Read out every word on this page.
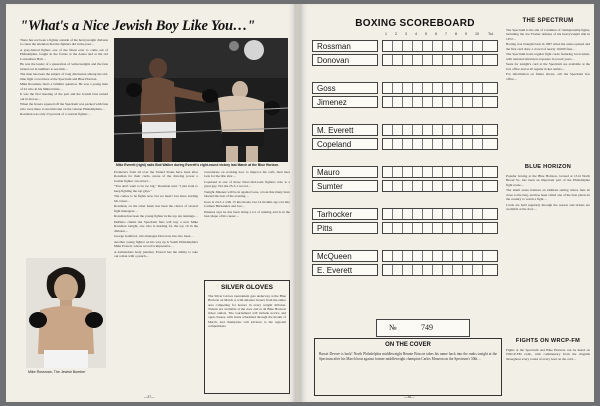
"What's a Nice Jewish Boy Like You…"

There has not been a fighter outside of the heavyweight division to cause the attention that the fighters did in the past…

A grey-haired fighter, one of the finest ever to come out of Philadelphia, fought in the forties at the Arena and at the old Convention Hall…

He was the leader of a generation of welterweights and the fans turned out in numbers to see him…

The man has been the subject of long discussion among the old-time fight crowd here at the Spectrum and Blue Horizon.

Mike Rossman, that's a familiar question. He was a young man of 22 who in his limited time…

It was the first meeting of the pair and the Jewish fans turned out in droves…

When the boxers squared off the Spectrum was packed with fans who were there to see him take on the veteran Philadelphian…

Rossman was only 23 percent of a veteran fighter…

Mike Everett (right) nails Bob Walker during Everett's eight-round victory last March at the Blue Horizon.

Promoters from all over the United States have been after Rossman for their cards, aware of the drawing power a Jewish fighter can attract…

"You don't want to be too big," Rossman said. "I just want to keep fighting the top guys."

The comes to be fights now, but we hasn't lost since starting his career…

Rossman, on the other hand, has been the choice of several fight managers…

Rossman has been the young fighter in the top ten rankings…

DePiano claims the Spectrum fans will buy a new Mike Rossman tonight, one who is heading for the top 10 in the division…

George Gainford, who manages Donovan, has also been…

Another young fighter on his way up is South Philadelphia's Mike Everett, whose record is impressive…

A tremendous body puncher, Everett has the ability to take out a man with a punch…

concentrate on working now to improve his craft, then later look for the title shot…

Copeland is one of those Newt-Ord-Gale fighters who is a great guy. Not the 23-3-1 record…

Tonight Jimenez will be in against Goss, a bout that many have labeled the best of the evening…

Goss is 24-5-1 with 15 knockouts, but 14 months ago ran into Carmen Hernandez and lost…

Jimenez says he has been doing a lot of running and is in the best shape of his career…

SILVER GLOVES
The Silver Gloves tournament gets underway at the Blue Horizon on March 4, with amateur boxers from the entire area competing for honors in every weight division. Tickets are available at the door and at all Blue Horizon ticket outlets. The tournament will include novice and open classes, with bouts scheduled through the month of March, and champions will advance to the regional competitions.
Mike Rossman, The Jewish Bomber
—37—
BOXING SCOREBOARD
1 2 3 4 5 6 7 8 9 10	Tot.
Rossman
Donovan
Goss
Jimenez
M. Everett
Copeland
Mauro
Sumter
Tarhocker
Pitts
McQueen
E. Everett
№	749
ON THE COVER
Basset Devore is back! North Philadelphia middleweight Bennie Briscoe takes his name back into the ranks tonight at the Spectrum after his March bout against former middleweight champion Carlos Monzon on the Spectrum's 50th…
THE SPECTRUM

The Spectrum is the site of a number of championship fights, including the Joe Frazier defense of his heavyweight title in 1972…

Boxing was brought back in 1967 when the arena opened and the first card drew a crowd of nearly 10,000 fans…

The Spectrum hosts regular fight cards featuring local talent, with national television exposure in recent years…

Seats for tonight's card at the Spectrum are available at the box office and at all regular ticket outlets…

For information on future shows, call the Spectrum box office…

BLUE HORIZON

Popular boxing at the Blue Horizon, located at 1314 North Broad St., has been an important part of the Philadelphia fight scene…

The small arena features an intimate setting where fans sit close to the ring, and has been called one of the best places in the country to watch a fight…

Cards are held regularly through the season and tickets are available at the door…

FIGHTS ON WRCP-FM
Fights at the Spectrum and Blue Horizon can be heard on WRCP-FM radio, with commentary from the ringside throughout every round of every bout on the card…
—38—
